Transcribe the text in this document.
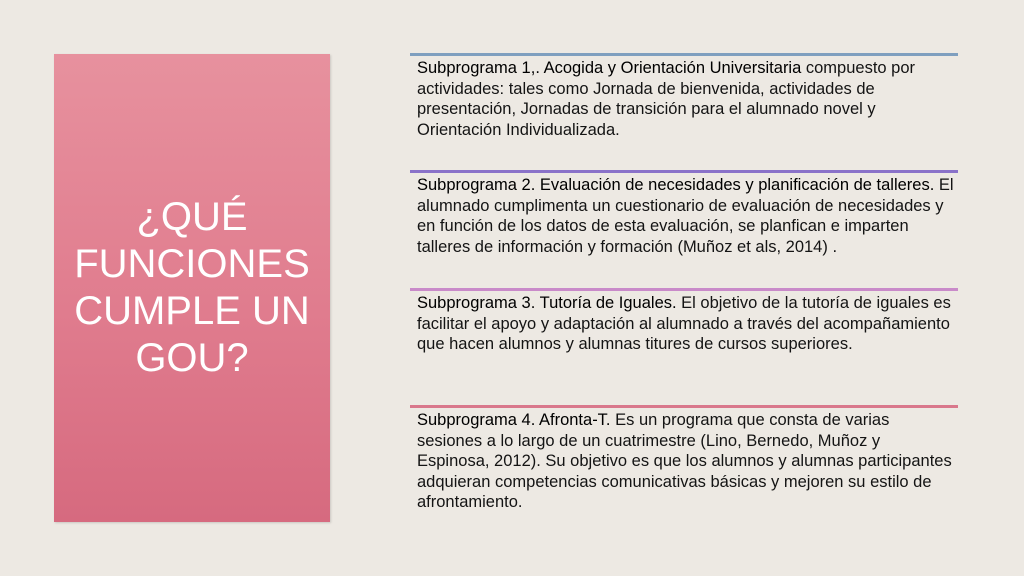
¿QUÉ FUNCIONES CUMPLE UN GOU?

Subprograma 1,. Acogida y Orientación Universitaria compuesto por actividades: tales como Jornada de bienvenida, actividades de presentación, Jornadas de transición para el alumnado novel y Orientación Individualizada.

Subprograma 2. Evaluación de necesidades y planificación de talleres. El alumnado cumplimenta un cuestionario de evaluación de necesidades y en función de los datos de esta evaluación, se planfican e imparten talleres de información y formación (Muñoz et als, 2014) .

Subprograma 3. Tutoría de Iguales. El objetivo de la tutoría de iguales es facilitar el apoyo y adaptación al alumnado a través del acompañamiento que hacen alumnos y alumnas titures de cursos superiores.

Subprograma 4. Afronta-T. Es un programa que consta de varias sesiones a lo largo de un cuatrimestre (Lino, Bernedo, Muñoz y Espinosa, 2012). Su objetivo es que los alumnos y alumnas participantes adquieran competencias comunicativas básicas y mejoren su estilo de afrontamiento.
